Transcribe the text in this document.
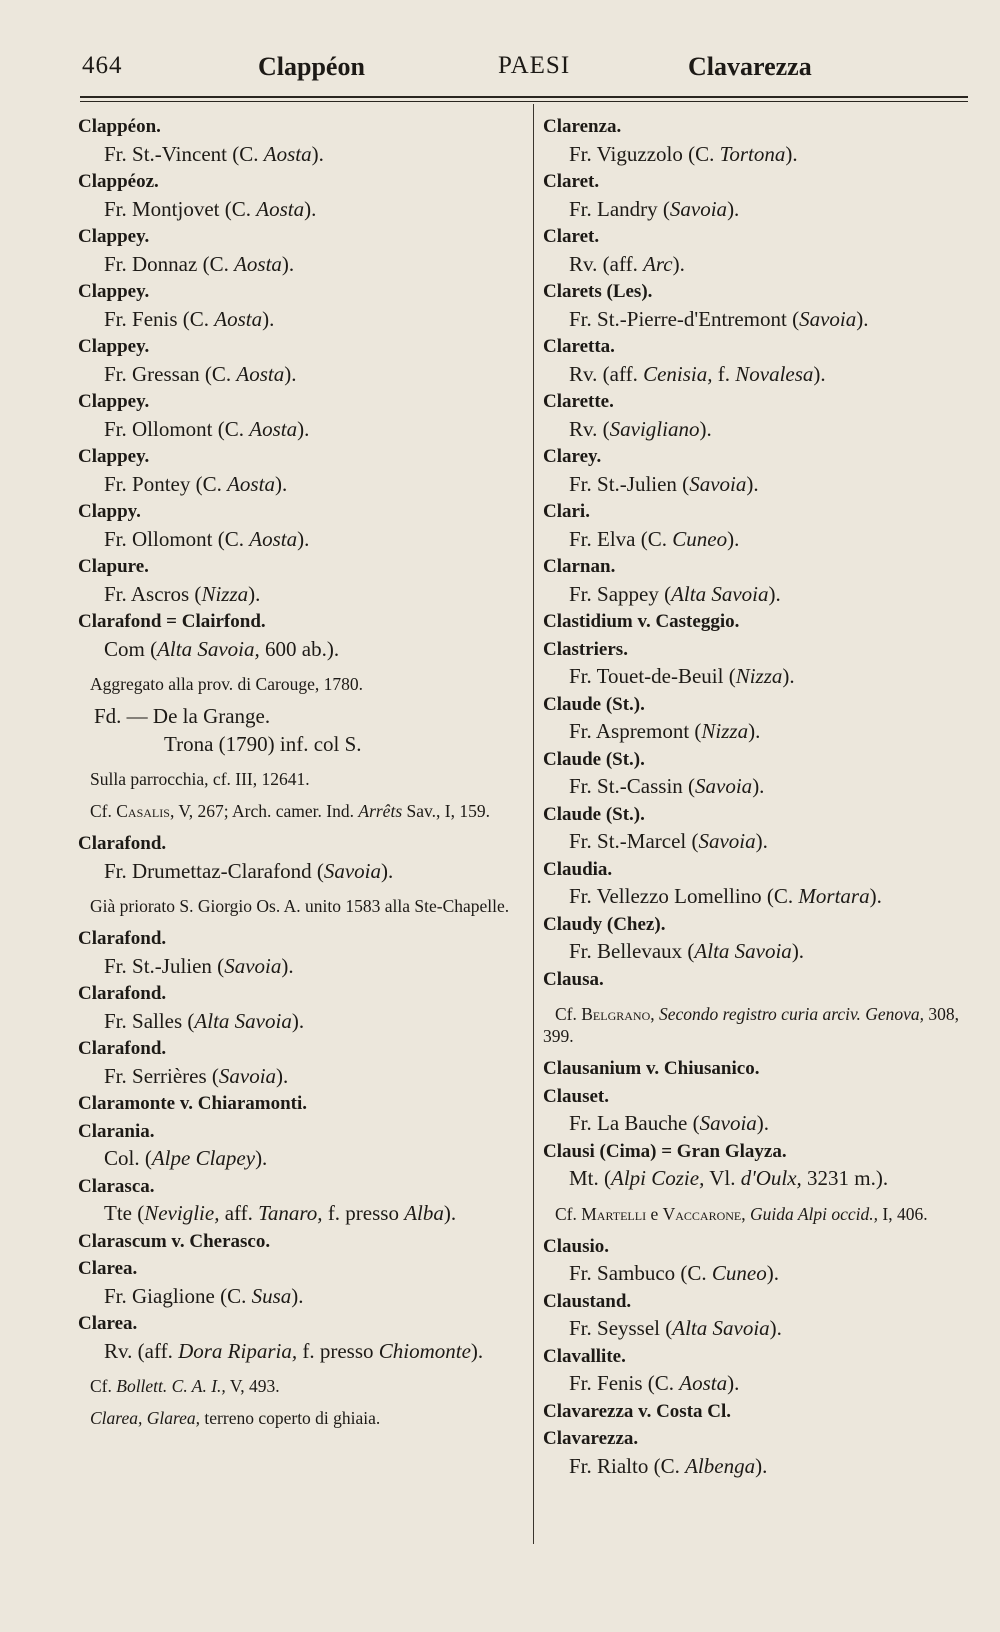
464	Clappéon	PAESI	Clavarezza
Clappéon.
Fr. St.-Vincent (C. Aosta).
Clappéoz.
Fr. Montjovet (C. Aosta).
Clappey.
Fr. Donnaz (C. Aosta).
Clappey.
Fr. Fenis (C. Aosta).
Clappey.
Fr. Gressan (C. Aosta).
Clappey.
Fr. Ollomont (C. Aosta).
Clappey.
Fr. Pontey (C. Aosta).
Clappy.
Fr. Ollomont (C. Aosta).
Clapure.
Fr. Ascros (Nizza).
Clarafond = Clairfond.
Com (Alta Savoia, 600 ab.).
Aggregato alla prov. di Carouge, 1780.
Fd. — De la Grange.
Trona (1790) inf. col S.
Sulla parrocchia, cf. III, 12641.
Cf. Casalis, V, 267; Arch. camer. Ind. Arrêts Sav., I, 159.
Clarafond.
Fr. Drumettaz-Clarafond (Savoia).
Già priorato S. Giorgio Os. A. unito 1583 alla Ste-Chapelle.
Clarafond.
Fr. St.-Julien (Savoia).
Clarafond.
Fr. Salles (Alta Savoia).
Clarafond.
Fr. Serrières (Savoia).
Claramonte v. Chiaramonti.
Clarania.
Col. (Alpe Clapey).
Clarasca.
Tte (Neviglie, aff. Tanaro, f. presso Alba).
Clarascum v. Cherasco.
Clarea.
Fr. Giaglione (C. Susa).
Clarea.
Rv. (aff. Dora Riparia, f. presso Chiomonte).
Cf. Bollett. C. A. I., V, 493.
Clarea, Glarea, terreno coperto di ghiaia.
Clarenza.
Fr. Viguzzolo (C. Tortona).
Claret.
Fr. Landry (Savoia).
Claret.
Rv. (aff. Arc).
Clarets (Les).
Fr. St.-Pierre-d'Entremont (Savoia).
Claretta.
Rv. (aff. Cenisia, f. Novalesa).
Clarette.
Rv. (Savigliano).
Clarey.
Fr. St.-Julien (Savoia).
Clari.
Fr. Elva (C. Cuneo).
Clarnan.
Fr. Sappey (Alta Savoia).
Clastidium v. Casteggio.
Clastriers.
Fr. Touet-de-Beuil (Nizza).
Claude (St.).
Fr. Aspremont (Nizza).
Claude (St.).
Fr. St.-Cassin (Savoia).
Claude (St.).
Fr. St.-Marcel (Savoia).
Claudia.
Fr. Vellezzo Lomellino (C. Mortara).
Claudy (Chez).
Fr. Bellevaux (Alta Savoia).
Clausa.
Cf. Belgrano, Secondo registro curia arciv. Genova, 308, 399.
Clausanium v. Chiusanico.
Clauset.
Fr. La Bauche (Savoia).
Clausi (Cima) = Gran Glayza.
Mt. (Alpi Cozie, Vl. d'Oulx, 3231 m.).
Cf. Martelli e Vaccarone, Guida Alpi occid., I, 406.
Clausio.
Fr. Sambuco (C. Cuneo).
Claustand.
Fr. Seyssel (Alta Savoia).
Clavallite.
Fr. Fenis (C. Aosta).
Clavarezza v. Costa Cl.
Clavarezza.
Fr. Rialto (C. Albenga).
